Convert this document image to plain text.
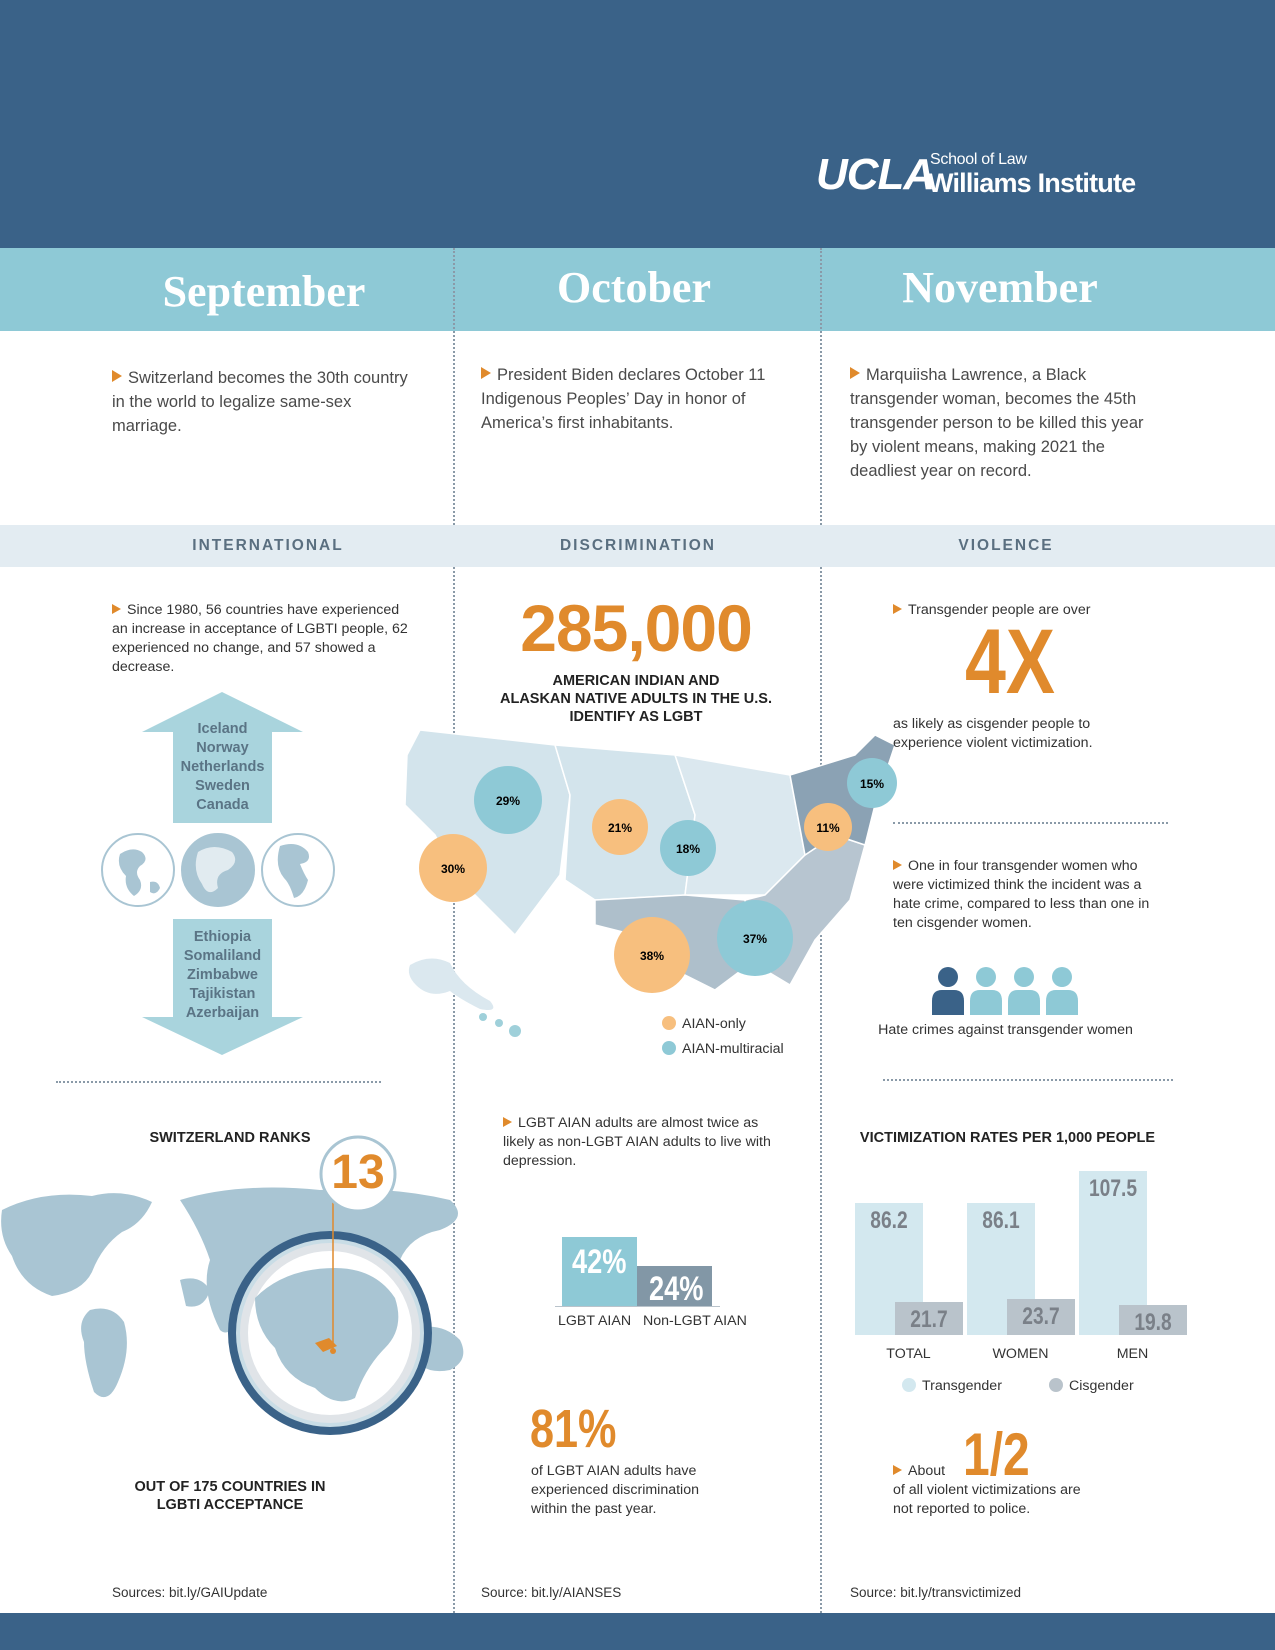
UCLA
School of Law
Williams Institute
September	October	November
Switzerland becomes the 30th country in the world to legalize same-sex marriage.
President Biden declares October 11 Indigenous Peoples’ Day in honor of America’s first inhabitants.
Marquiisha Lawrence, a Black transgender woman, becomes the 45th transgender person to be killed this year by violent means, making 2021 the deadliest year on record.
INTERNATIONAL	DISCRIMINATION	VIOLENCE
Since 1980, 56 countries have experienced an increase in acceptance of LGBTI people, 62 experienced no change, and 57 showed a decrease.
Iceland
Norway
Netherlands
Sweden
Canada
Ethiopia
Somaliland
Zimbabwe
Tajikistan
Azerbaijan
SWITZERLAND RANKS
13
OUT OF 175 COUNTRIES IN
LGBTI ACCEPTANCE
Sources: bit.ly/GAIUpdate
285,000
AMERICAN INDIAN AND
ALASKAN NATIVE ADULTS IN THE U.S.
IDENTIFY AS LGBT
29%
30%
21%
18%
38%
37%
11%
15%
AIAN-only
AIAN-multiracial
LGBT AIAN adults are almost twice as likely as non-LGBT AIAN adults to live with depression.
42%
24%
LGBT AIAN Non-LGBT AIAN
81%
of LGBT AIAN adults have experienced discrimination within the past year.
Source: bit.ly/AIANSES
Transgender people are over
4X
as likely as cisgender people to experience violent victimization.
One in four transgender women who were victimized think the incident was a hate crime, compared to less than one in ten cisgender women.
Hate crimes against transgender women
VICTIMIZATION RATES PER 1,000 PEOPLE
86.2
21.7
86.1
23.7
107.5
19.8
TOTAL	WOMEN	MEN
Transgender	Cisgender
About 1/2
of all violent victimizations are not reported to police.
Source: bit.ly/transvictimized
